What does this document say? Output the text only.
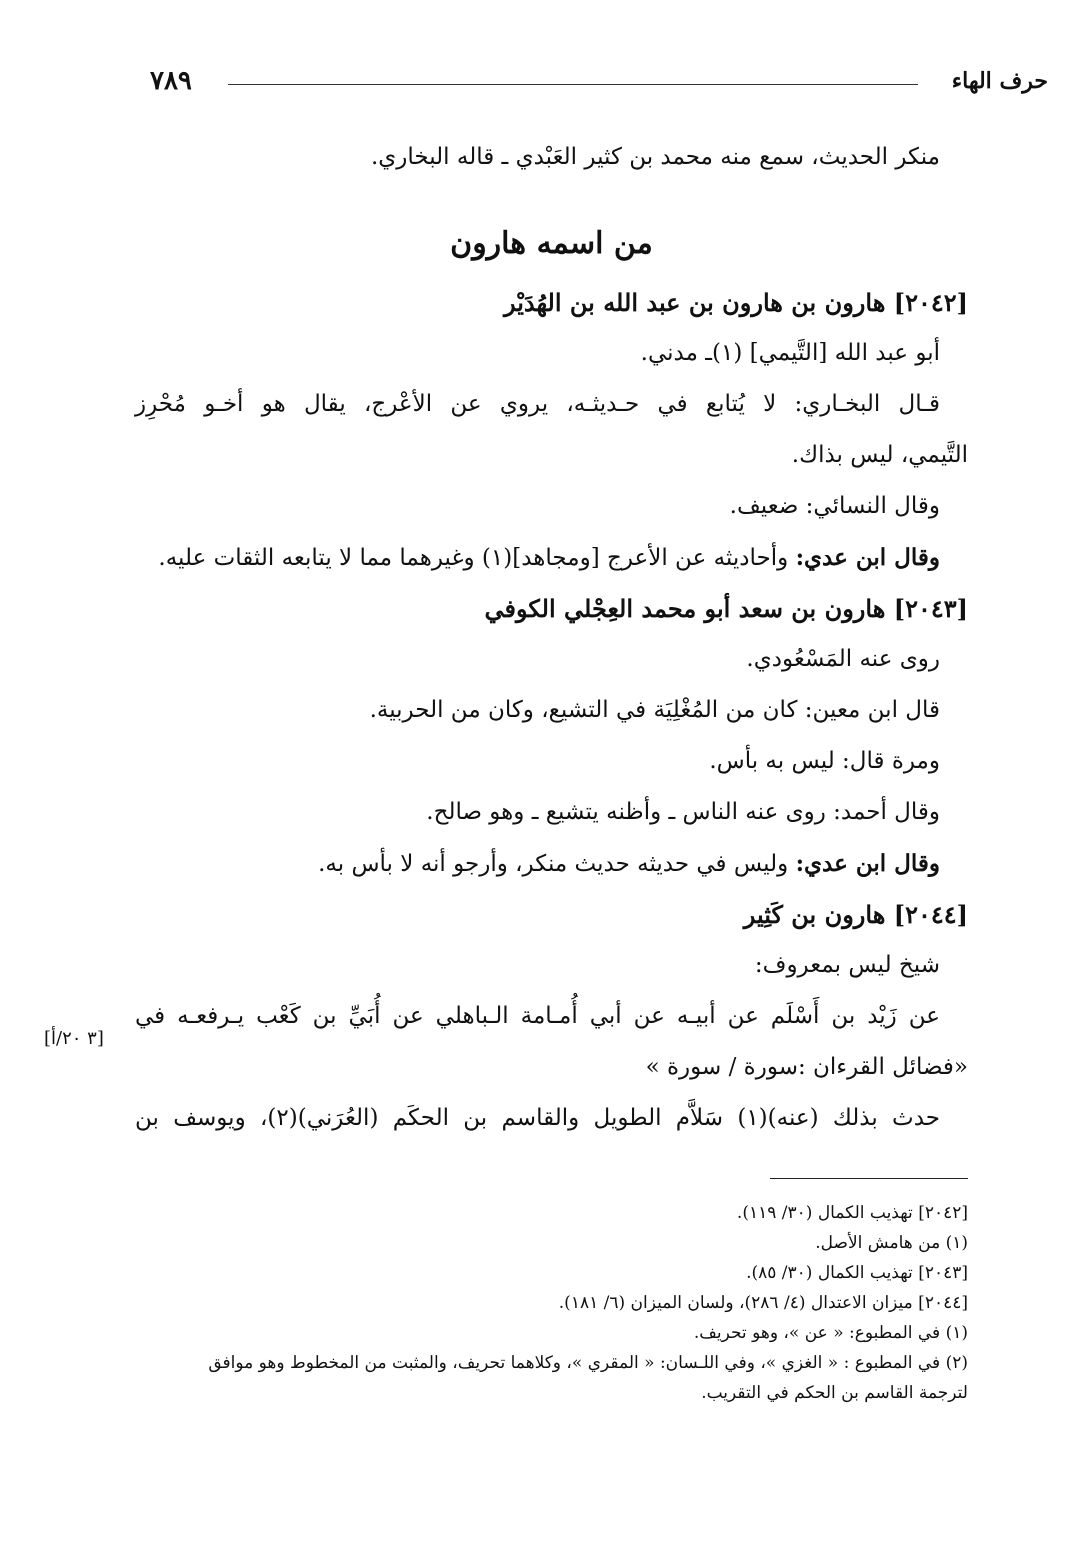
حرف الهاء
٧٨٩
منكر الحديث، سمع منه محمد بن كثير العَبْدي ـ قاله البخاري.
من اسمه هارون
[٢٠٤٢] هارون بن هارون بن عبد الله بن الهُدَيْر
أبو عبد الله [التَّيمي] (١)ـ مدني.
قـال البخـاري: لا يُتابع في حـديثـه، يروي عن الأعْرج، يقال هو أخـو مُحْرِز
التَّيمي، ليس بذاك.
وقال النسائي: ضعيف.
وقال ابن عدي: وأحاديثه عن الأعرج [ومجاهد](١) وغيرهما مما لا يتابعه الثقات عليه.
[٢٠٤٣] هارون بن سعد أبو محمد العِجْلي الكوفي
روى عنه المَسْعُودي.
قال ابن معين: كان من المُغْلِيَة في التشيع، وكان من الحربية.
ومرة قال: ليس به بأس.
وقال أحمد: روى عنه الناس ـ وأظنه يتشيع ـ وهو صالح.
وقال ابن عدي: وليس في حديثه حديث منكر، وأرجو أنه لا بأس به.
[٢٠٤٤] هارون بن كَثِير
شيخ ليس بمعروف:
عن زَيْد بن أَسْلَم عن أبيـه عن أبي أُمـامة الـباهلي عن أُبَيِّ بن كَعْب يـرفعـه في
«فضائل القرءان :سورة / سورة »
حدث بذلك (عنه)(١) سَلاَّم الطويل والقاسم بن الحكَم (العُرَني)(٢)، ويوسف بن
[٣ ٢٠/أ]
[٢٠٤٢] تهذيب الكمال (٣٠/ ١١٩).
(١) من هامش الأصل.
[٢٠٤٣] تهذيب الكمال (٣٠/ ٨٥).
[٢٠٤٤] ميزان الاعتدال (٤/ ٢٨٦)، ولسان الميزان (٦/ ١٨١).
(١) في المطبوع: « عن »، وهو تحريف.
(٢) في المطبوع : « الغزي »، وفي اللـسان: « المقري »، وكلاهما تحريف، والمثبت من المخطوط وهو موافق
لترجمة القاسم بن الحكم في التقريب.
